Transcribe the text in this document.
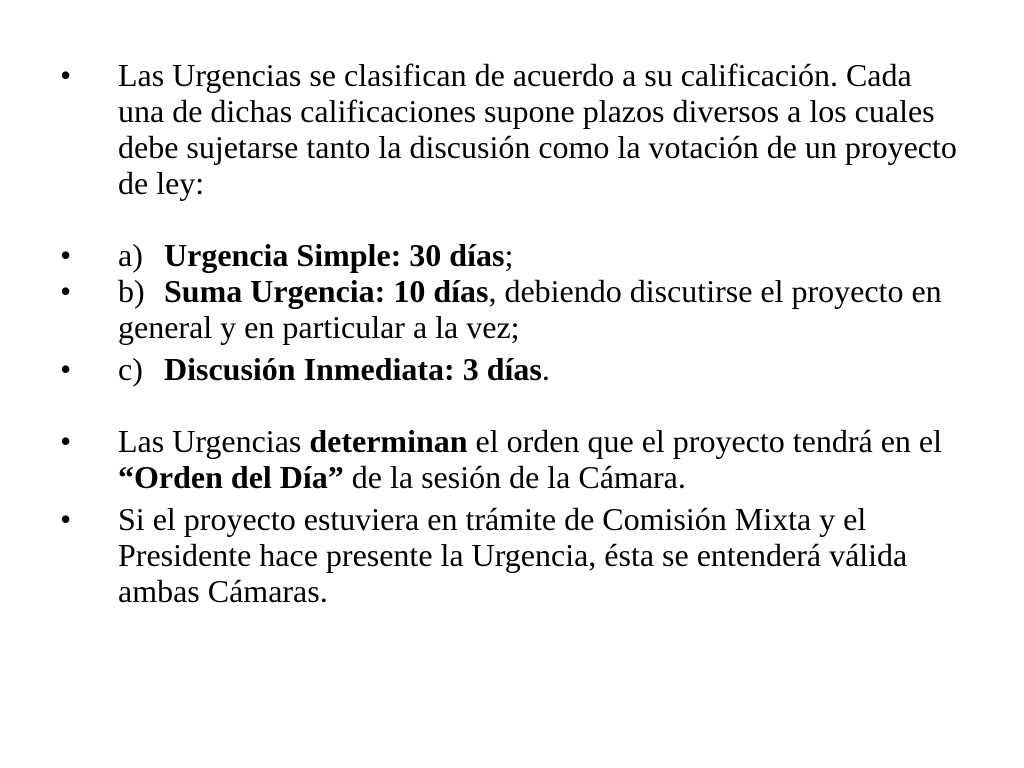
•	Las Urgencias se clasifican de acuerdo a su calificación. Cada una de dichas calificaciones supone plazos diversos a los cuales debe sujetarse tanto la discusión como la votación de un proyecto de ley:
•	a) Urgencia Simple: 30 días;
•	b) Suma Urgencia: 10 días, debiendo discutirse el proyecto en general y en particular a la vez;
•	c) Discusión Inmediata: 3 días.
•	Las Urgencias determinan el orden que el proyecto tendrá en el “Orden del Día” de la sesión de la Cámara.
•	Si el proyecto estuviera en trámite de Comisión Mixta y el Presidente hace presente la Urgencia, ésta se entenderá válida ambas Cámaras.
